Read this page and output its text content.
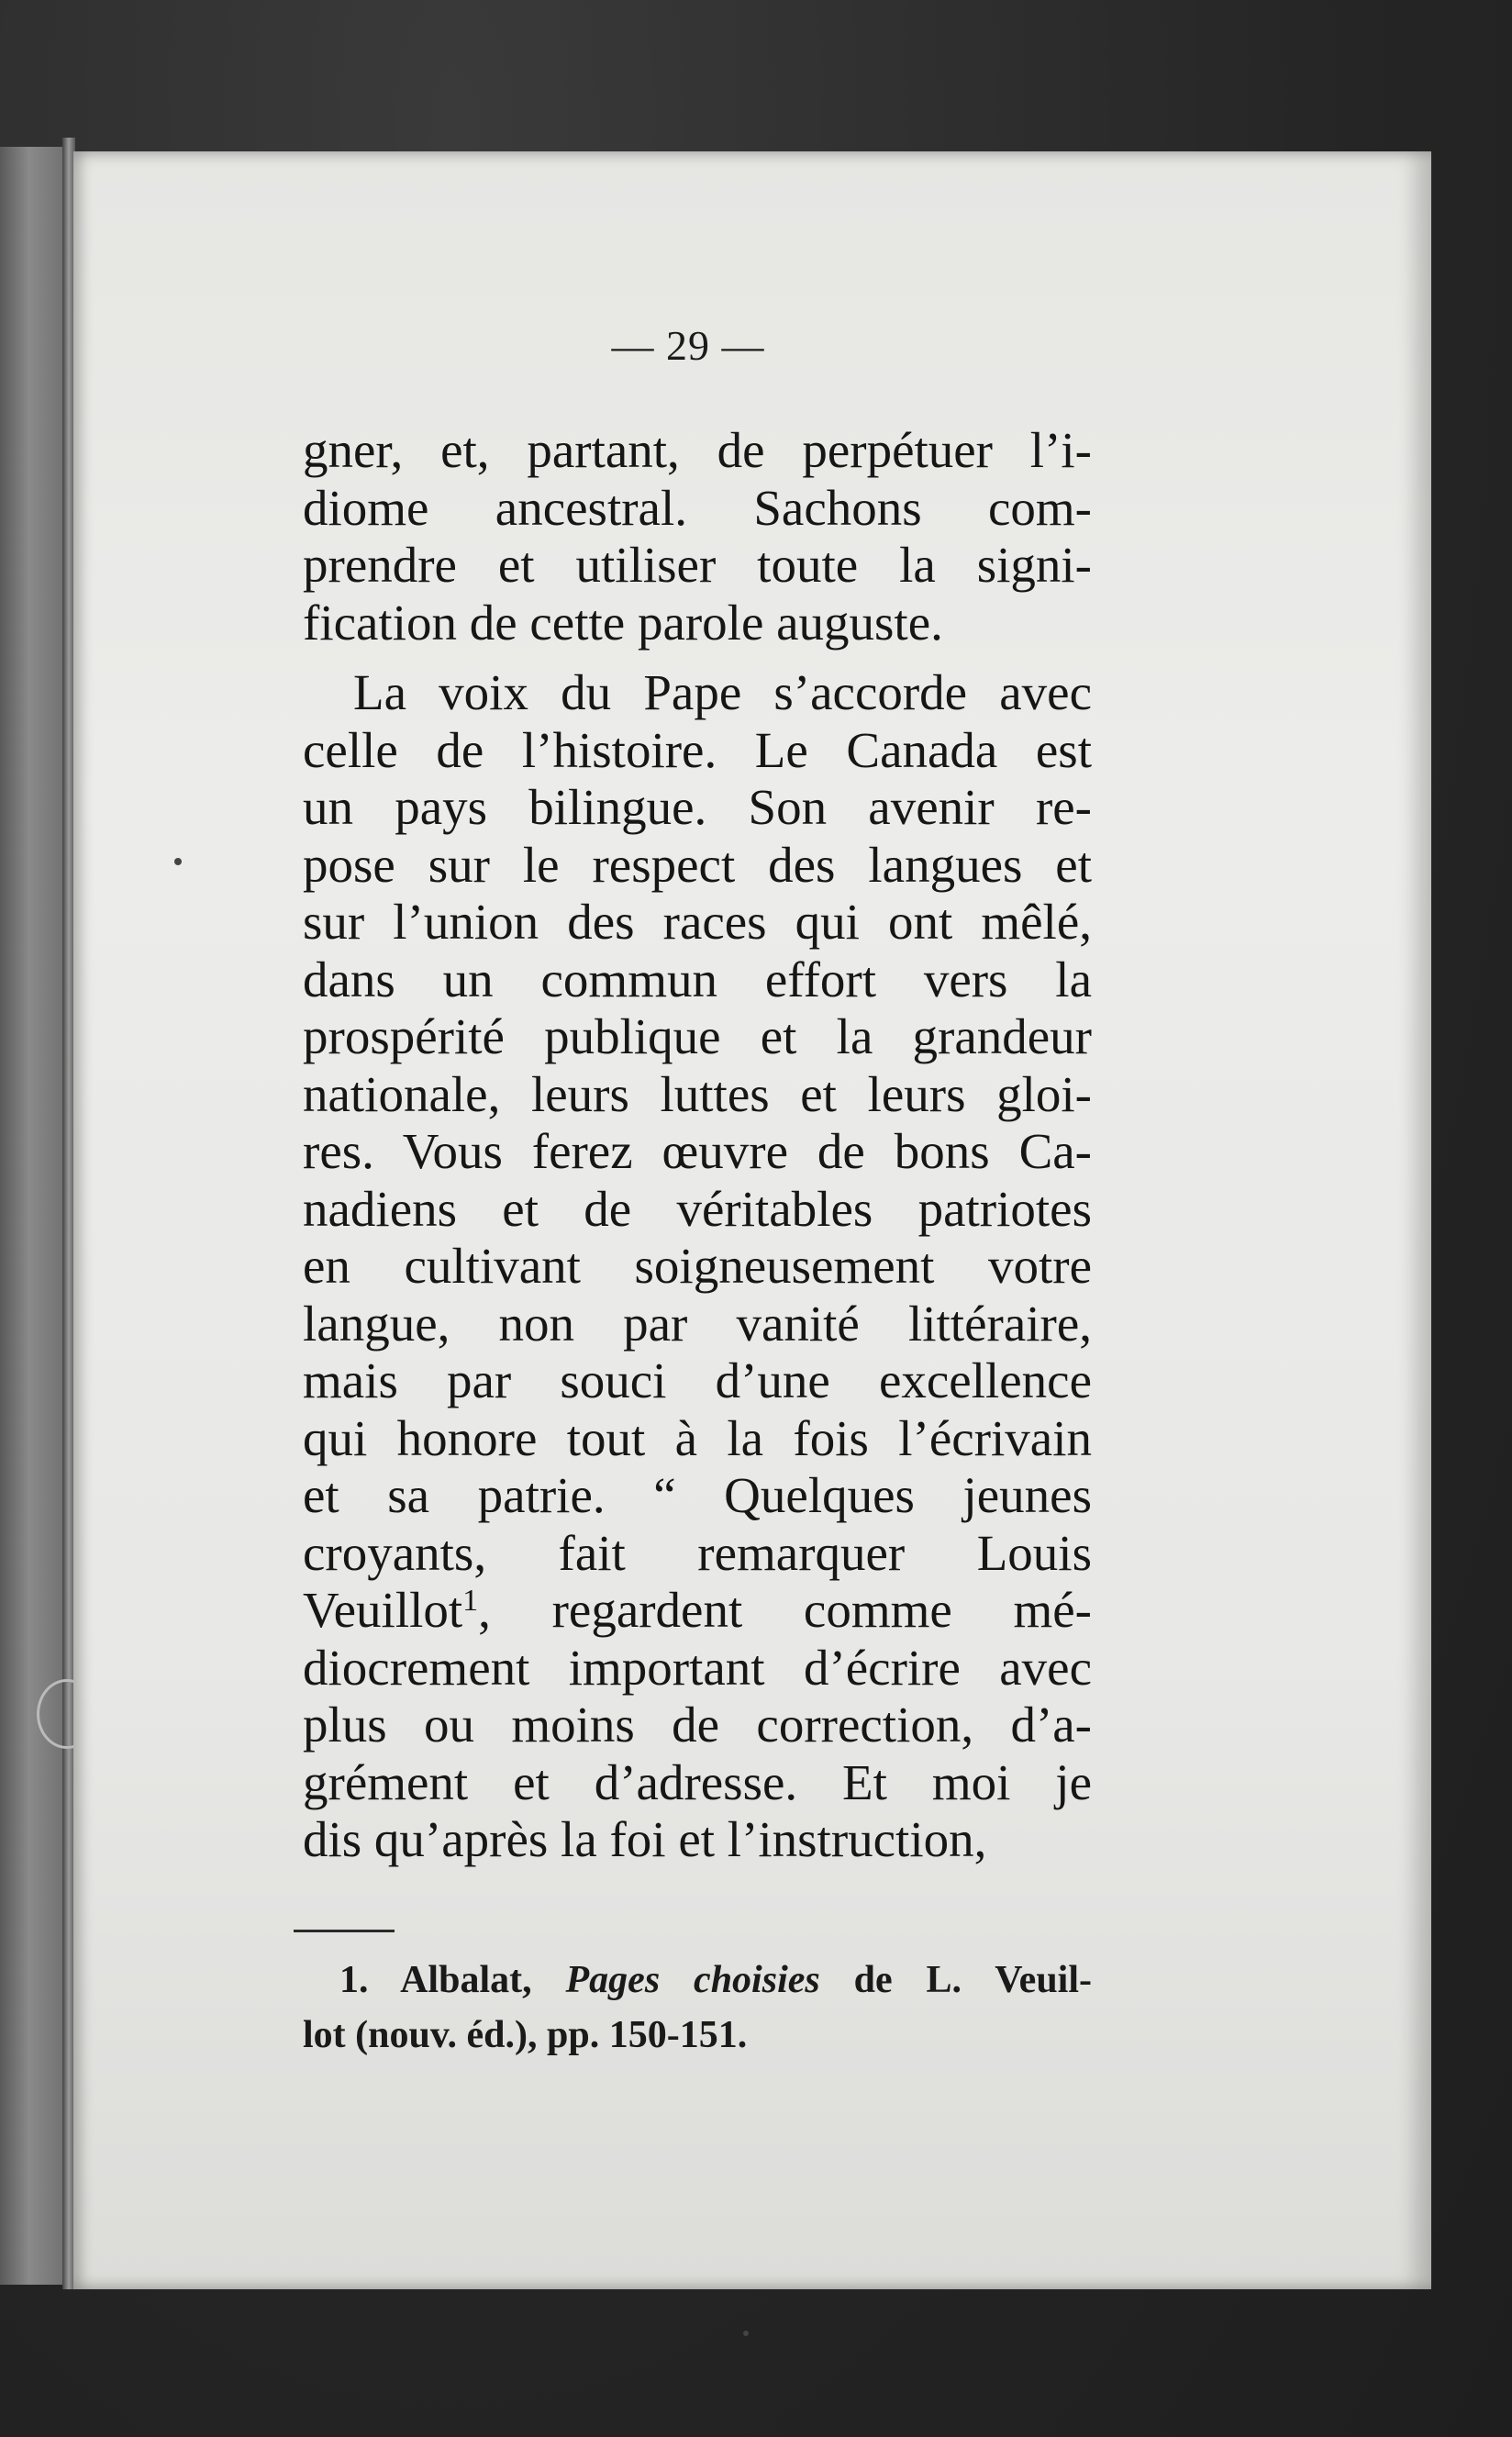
— 29 —
gner, et, partant, de perpétuer l’i-
diome ancestral. Sachons com-
prendre et utiliser toute la signi-
fication de cette parole auguste.
La voix du Pape s’accorde avec
celle de l’histoire. Le Canada est
un pays bilingue. Son avenir re-
pose sur le respect des langues et
sur l’union des races qui ont mêlé,
dans un commun effort vers la
prospérité publique et la grandeur
nationale, leurs luttes et leurs gloi-
res. Vous ferez œuvre de bons Ca-
nadiens et de véritables patriotes
en cultivant soigneusement votre
langue, non par vanité littéraire,
mais par souci d’une excellence
qui honore tout à la fois l’écrivain
et sa patrie. “ Quelques jeunes
croyants, fait remarquer Louis
Veuillot$^1$, regardent comme mé-
diocrement important d’écrire avec
plus ou moins de correction, d’a-
grément et d’adresse. Et moi je
dis qu’après la foi et l’instruction,
1. Albalat, Pages choisies de L. Veuil-
lot (nouv. éd.), pp. 150-151.
